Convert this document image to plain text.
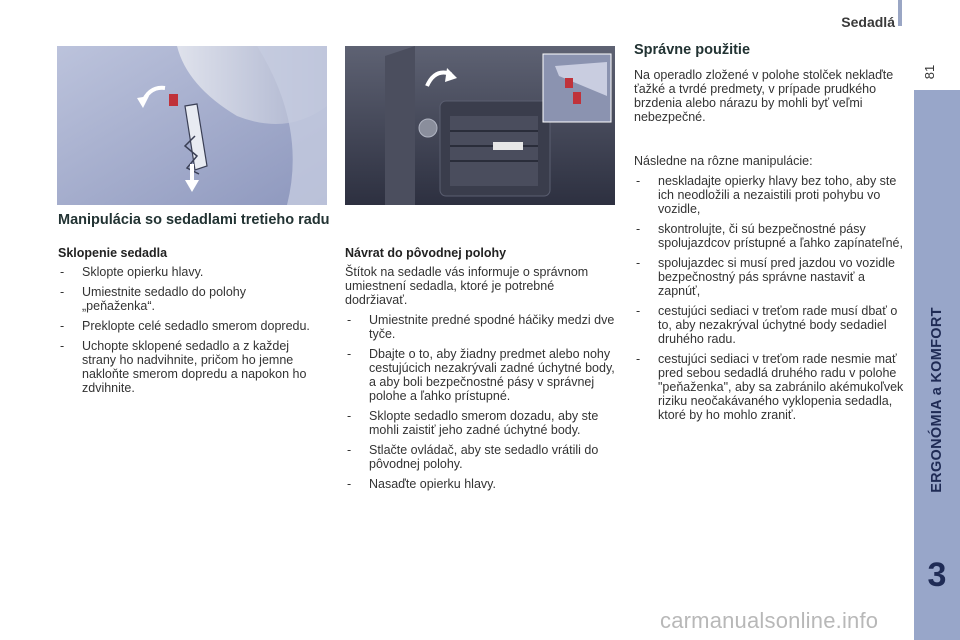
Sedadlá
81
ERGONÓMIA a KOMFORT
3
Manipulácia so sedadlami tretieho radu
Sklopenie sedadla
- Sklopte opierku hlavy.
- Umiestnite sedadlo do polohy „peňaženka“.
- Preklopte celé sedadlo smerom dopredu.
- Uchopte sklopené sedadlo a z každej strany ho nadvihnite, pričom ho jemne nakloňte smerom dopredu a napokon ho zdvihnite.
Návrat do pôvodnej polohy
Štítok na sedadle vás informuje o správnom umiestnení sedadla, ktoré je potrebné dodržiavať.
- Umiestnite predné spodné háčiky medzi dve tyče.
- Dbajte o to, aby žiadny predmet alebo nohy cestujúcich nezakrývali zadné úchytné body, a aby boli bezpečnostné pásy v správnej polohe a ľahko prístupné.
- Sklopte sedadlo smerom dozadu, aby ste mohli zaistiť jeho zadné úchytné body.
- Stlačte ovládač, aby ste sedadlo vrátili do pôvodnej polohy.
- Nasaďte opierku hlavy.
Správne použitie
Na operadlo zložené v polohe stolček neklaďte ťažké a tvrdé predmety, v prípade prudkého brzdenia alebo nárazu by mohli byť veľmi nebezpečné.
Následne na rôzne manipulácie:
- neskladajte opierky hlavy bez toho, aby ste ich neodložili a nezaistili proti pohybu vo vozidle,
- skontrolujte, či sú bezpečnostné pásy spolujazdcov prístupné a ľahko zapínateľné,
- spolujazdec si musí pred jazdou vo vozidle bezpečnostný pás správne nastaviť a zapnúť,
- cestujúci sediaci v treťom rade musí dbať o to, aby nezakrýval úchytné body sedadiel druhého radu.
- cestujúci sediaci v treťom rade nesmie mať pred sebou sedadlá druhého radu v polohe "peňaženka", aby sa zabránilo akémukoľvek riziku neočakávaného vyklopenia sedadla, ktoré by ho mohlo zraniť.
carmanualsonline.info
